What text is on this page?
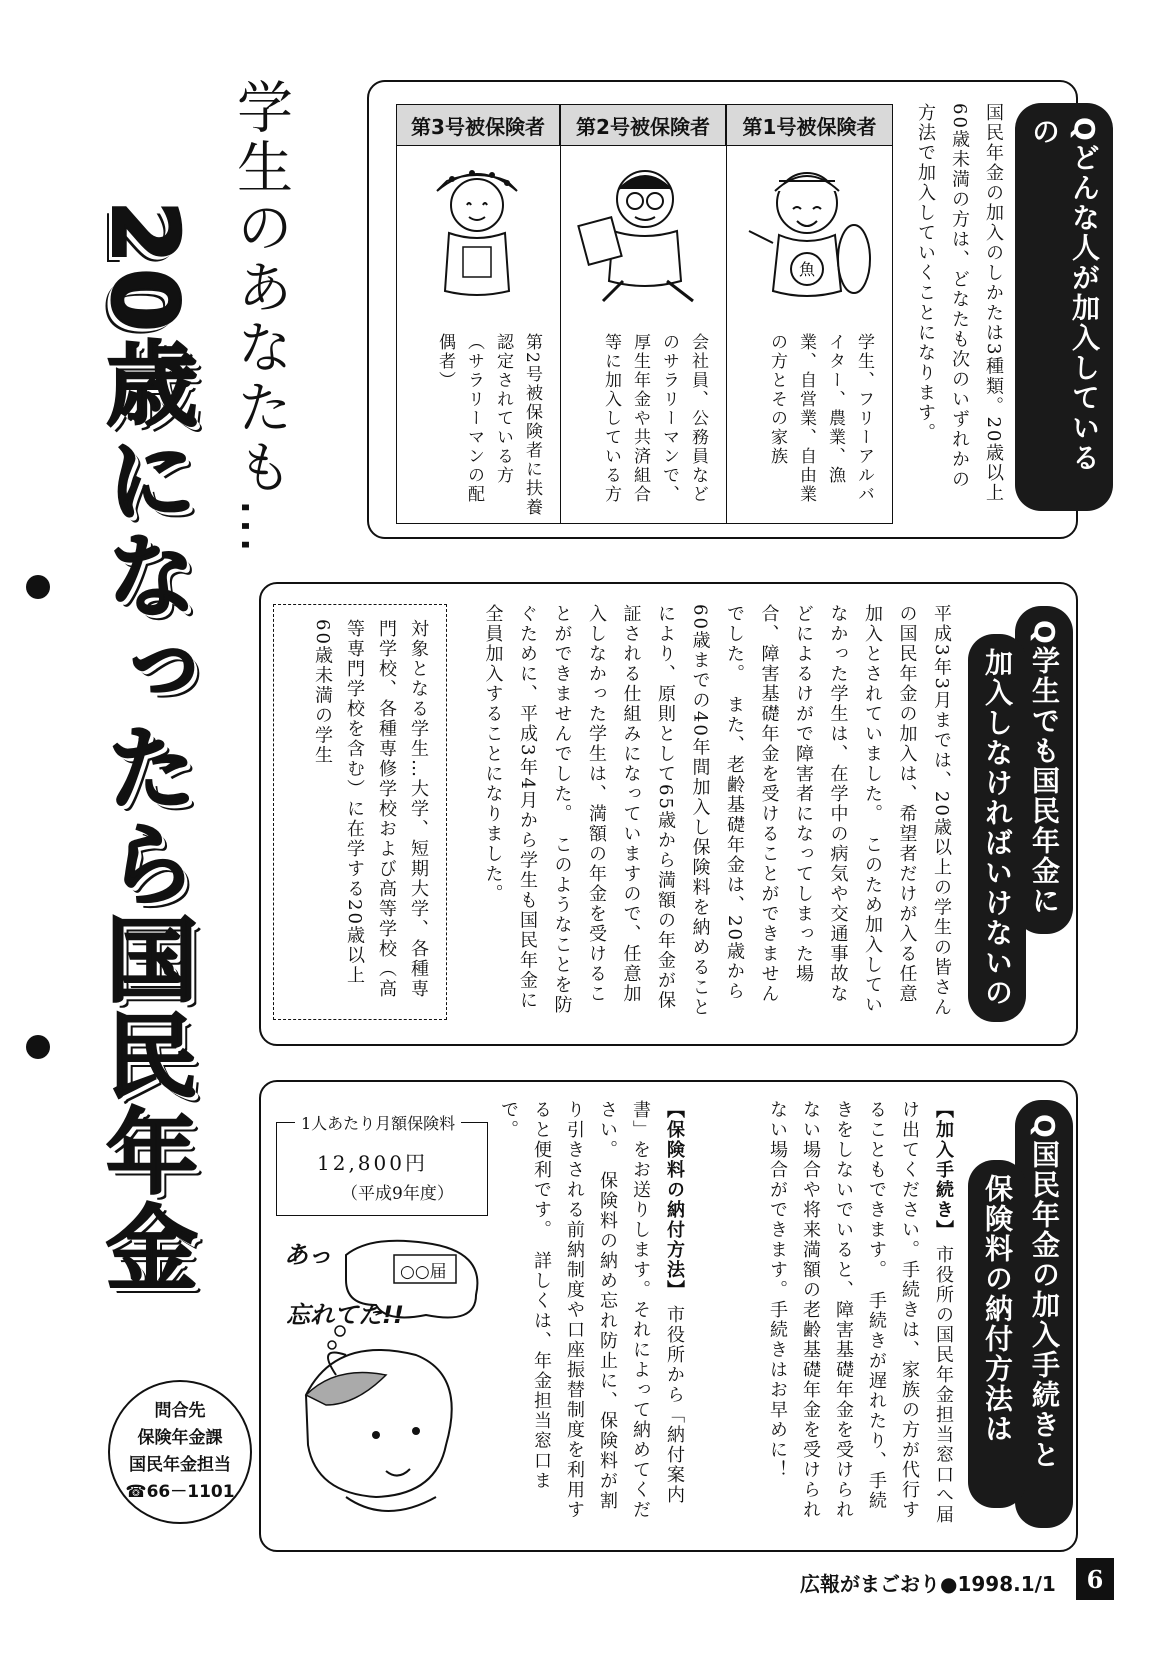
学生のあなたも…
20歳になったら国民年金
問合先
保険年金課
国民年金担当
☎66－1101
Qどんな人が加入しているの
国民年金の加入のしかたは3種類。20歳以上60歳未満の方は、どなたも次のいずれかの方法で加入していくことになります。
第1号被保険者
魚
学生、フリーアルバイター、農業、漁業、自営業、自由業の方とその家族
第2号被保険者
会社員、公務員などのサラリーマンで、厚生年金や共済組合等に加入している方
第3号被保険者
第2号被保険者に扶養認定されている方（サラリーマンの配偶者）
Q学生でも国民年金に
加入しなければいけないの
平成3年3月までは、20歳以上の学生の皆さんの国民年金の加入は、希望者だけが入る任意加入とされていました。　このため加入していなかった学生は、在学中の病気や交通事故などによるけがで障害者になってしまった場合、障害基礎年金を受けることができませんでした。　また、老齢基礎年金は、20歳から60歳までの40年間加入し保険料を納めることにより、原則として65歳から満額の年金が保証される仕組みになっていますので、任意加入しなかった学生は、満額の年金を受けることができませんでした。　このようなことを防ぐために、平成3年4月から学生も国民年金に全員加入することになりました。
対象となる学生…大学、短期大学、各種専門学校、各種専修学校および高等学校（高等専門学校を含む）に在学する20歳以上60歳未満の学生
Q国民年金の加入手続きと
保険料の納付方法は
【加入手続き】 市役所の国民年金担当窓口へ届け出てください。手続きは、家族の方が代行することもできます。　手続きが遅れたり、手続きをしないでいると、障害基礎年金を受けられない場合や将来満額の老齢基礎年金を受けられない場合ができます。手続きはお早めに！
【保険料の納付方法】 市役所から「納付案内書」をお送りします。それによって納めてください。　保険料の納め忘れ防止に、保険料が割り引きされる前納制度や口座振替制度を利用すると便利です。　詳しくは、年金担当窓口まで。
1人あたり月額保険料
12,800円
（平成9年度）
あっ
忘れてた!!
○○届
広報がまごおり●1998.1/1	6
